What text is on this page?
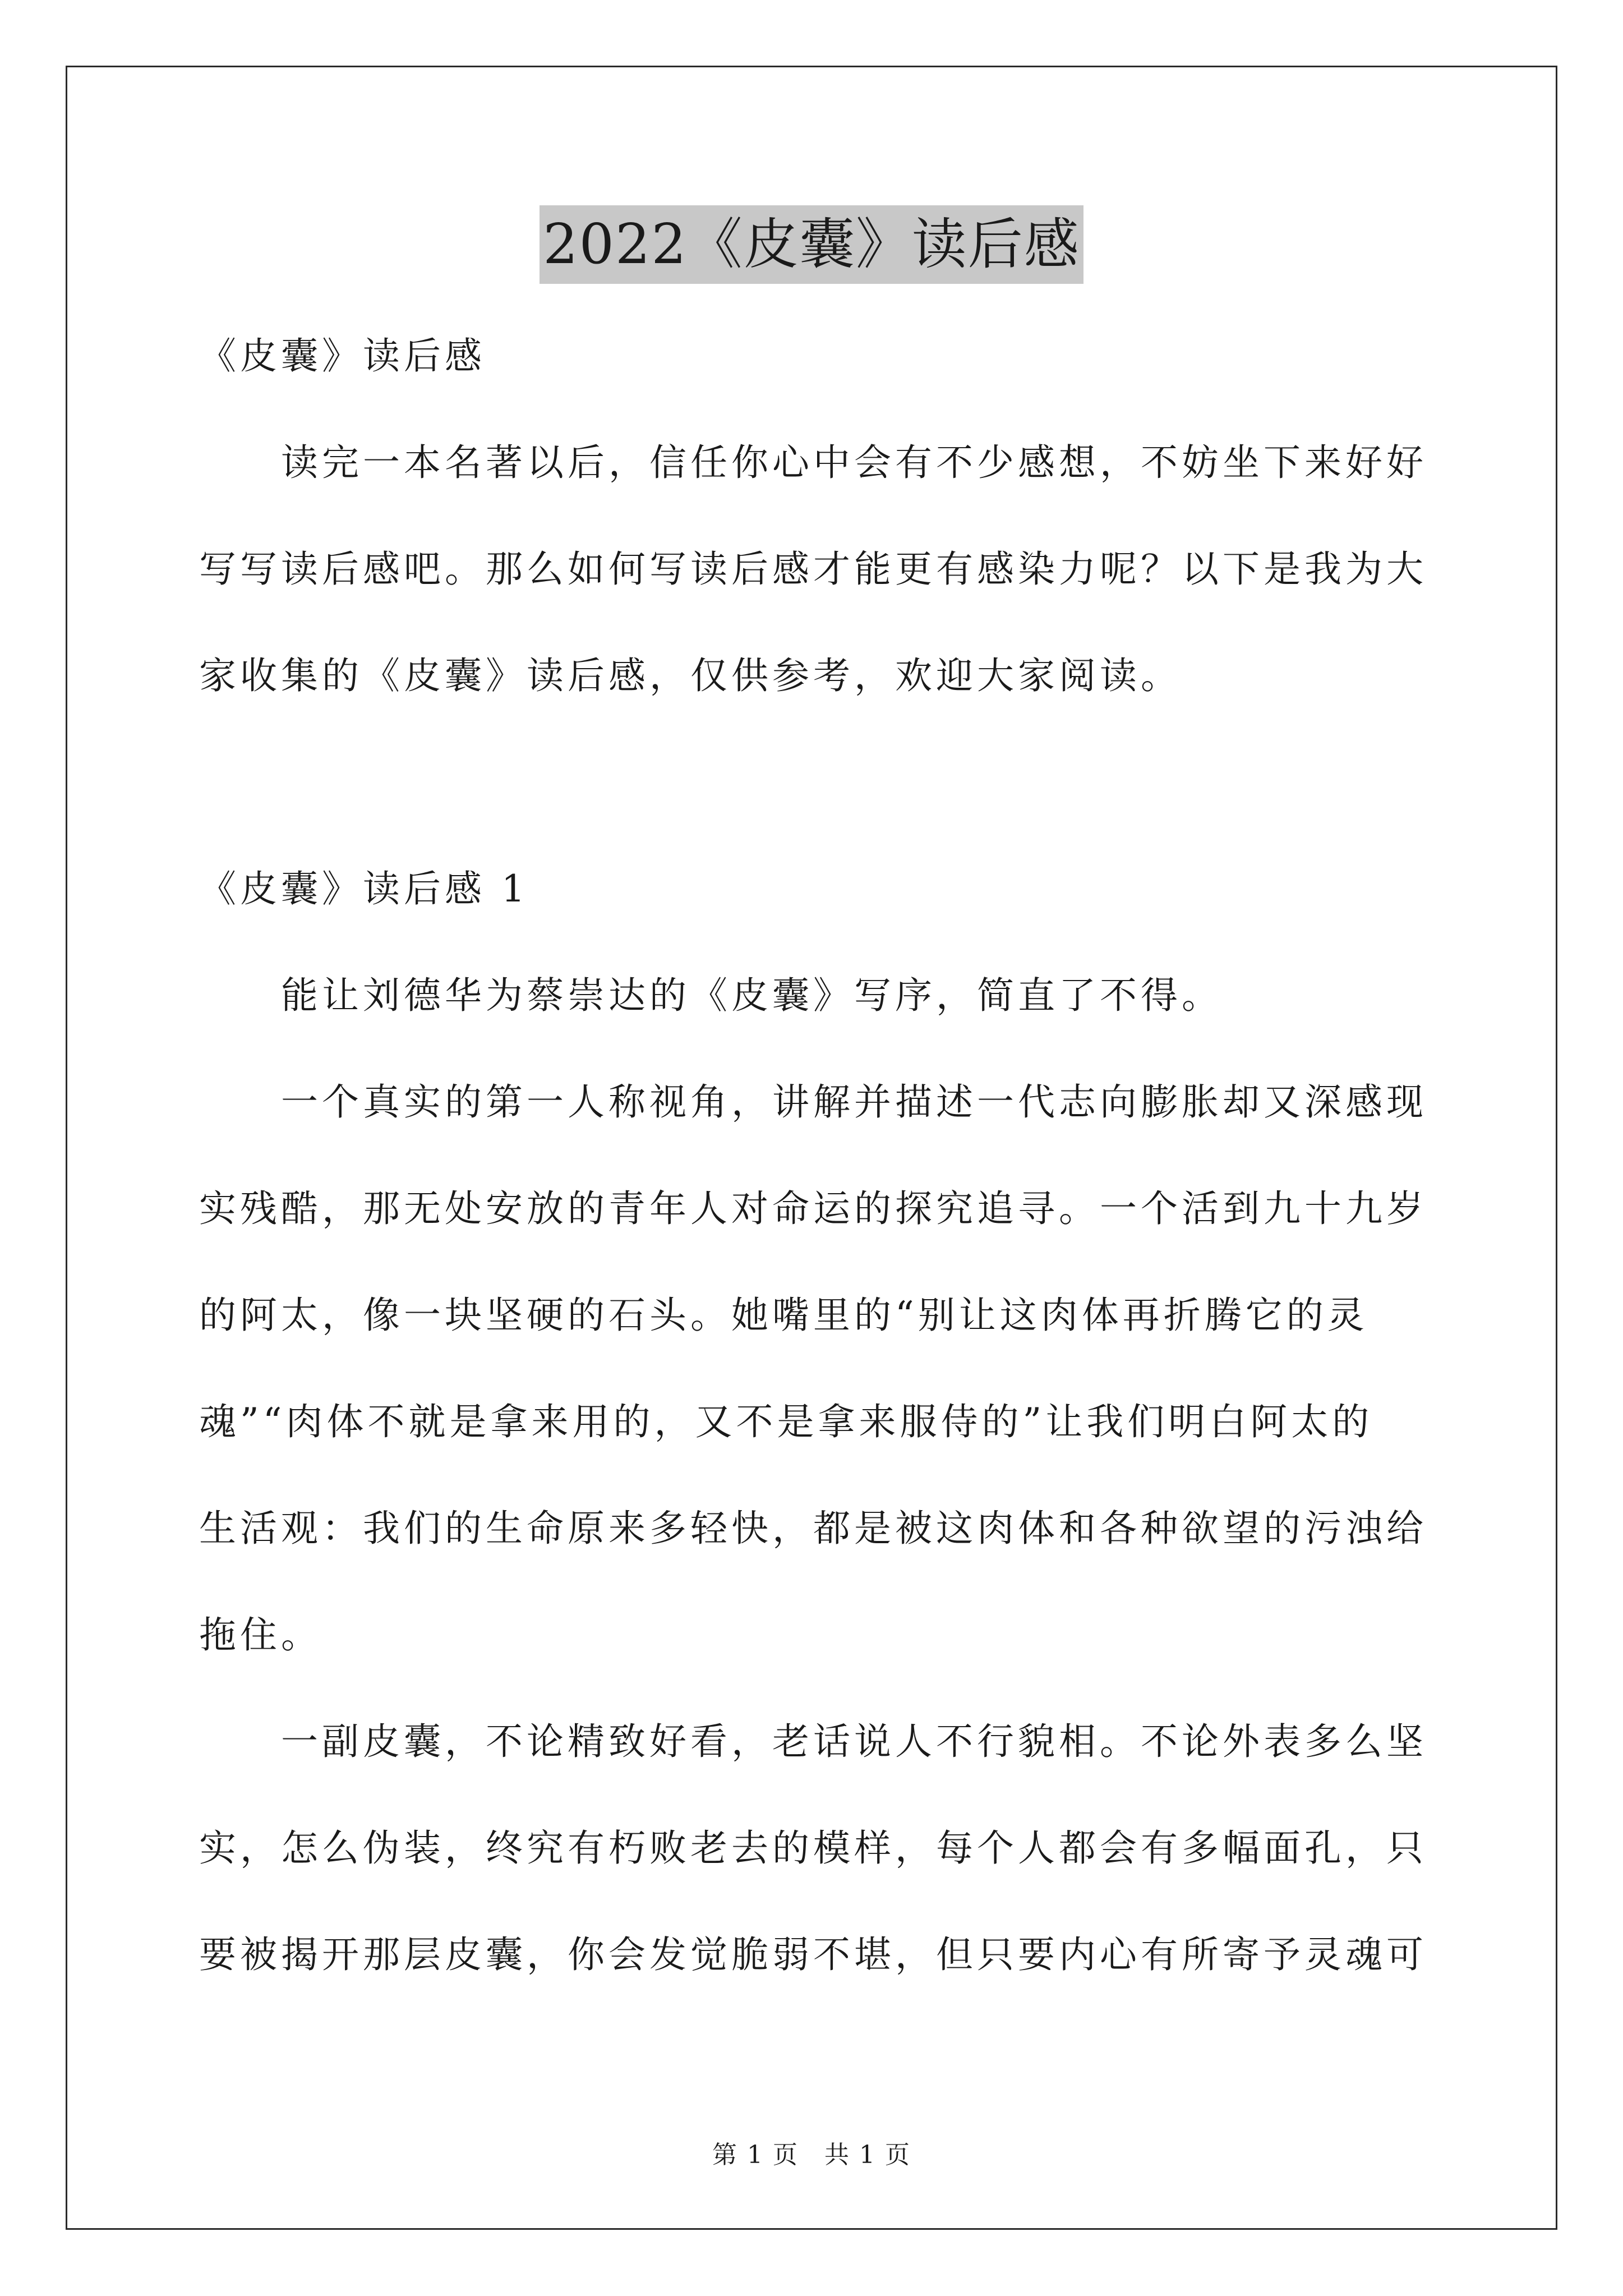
2022《皮囊》读后感

《皮囊》读后感

　　读完一本名著以后，信任你心中会有不少感想，不妨坐下来好好

写写读后感吧。那么如何写读后感才能更有感染力呢？以下是我为大

家收集的《皮囊》读后感，仅供参考，欢迎大家阅读。

《皮囊》读后感 1

　　能让刘德华为蔡崇达的《皮囊》写序，简直了不得。

　　一个真实的第一人称视角，讲解并描述一代志向膨胀却又深感现

实残酷，那无处安放的青年人对命运的探究追寻。一个活到九十九岁

的阿太，像一块坚硬的石头。她嘴里的“别让这肉体再折腾它的灵

魂”“肉体不就是拿来用的，又不是拿来服侍的”让我们明白阿太的

生活观：我们的生命原来多轻快，都是被这肉体和各种欲望的污浊给

拖住。

　　一副皮囊，不论精致好看，老话说人不行貌相。不论外表多么坚

实，怎么伪装，终究有朽败老去的模样，每个人都会有多幅面孔，只

要被揭开那层皮囊，你会发觉脆弱不堪，但只要内心有所寄予灵魂可

第 1 页　共 1 页
